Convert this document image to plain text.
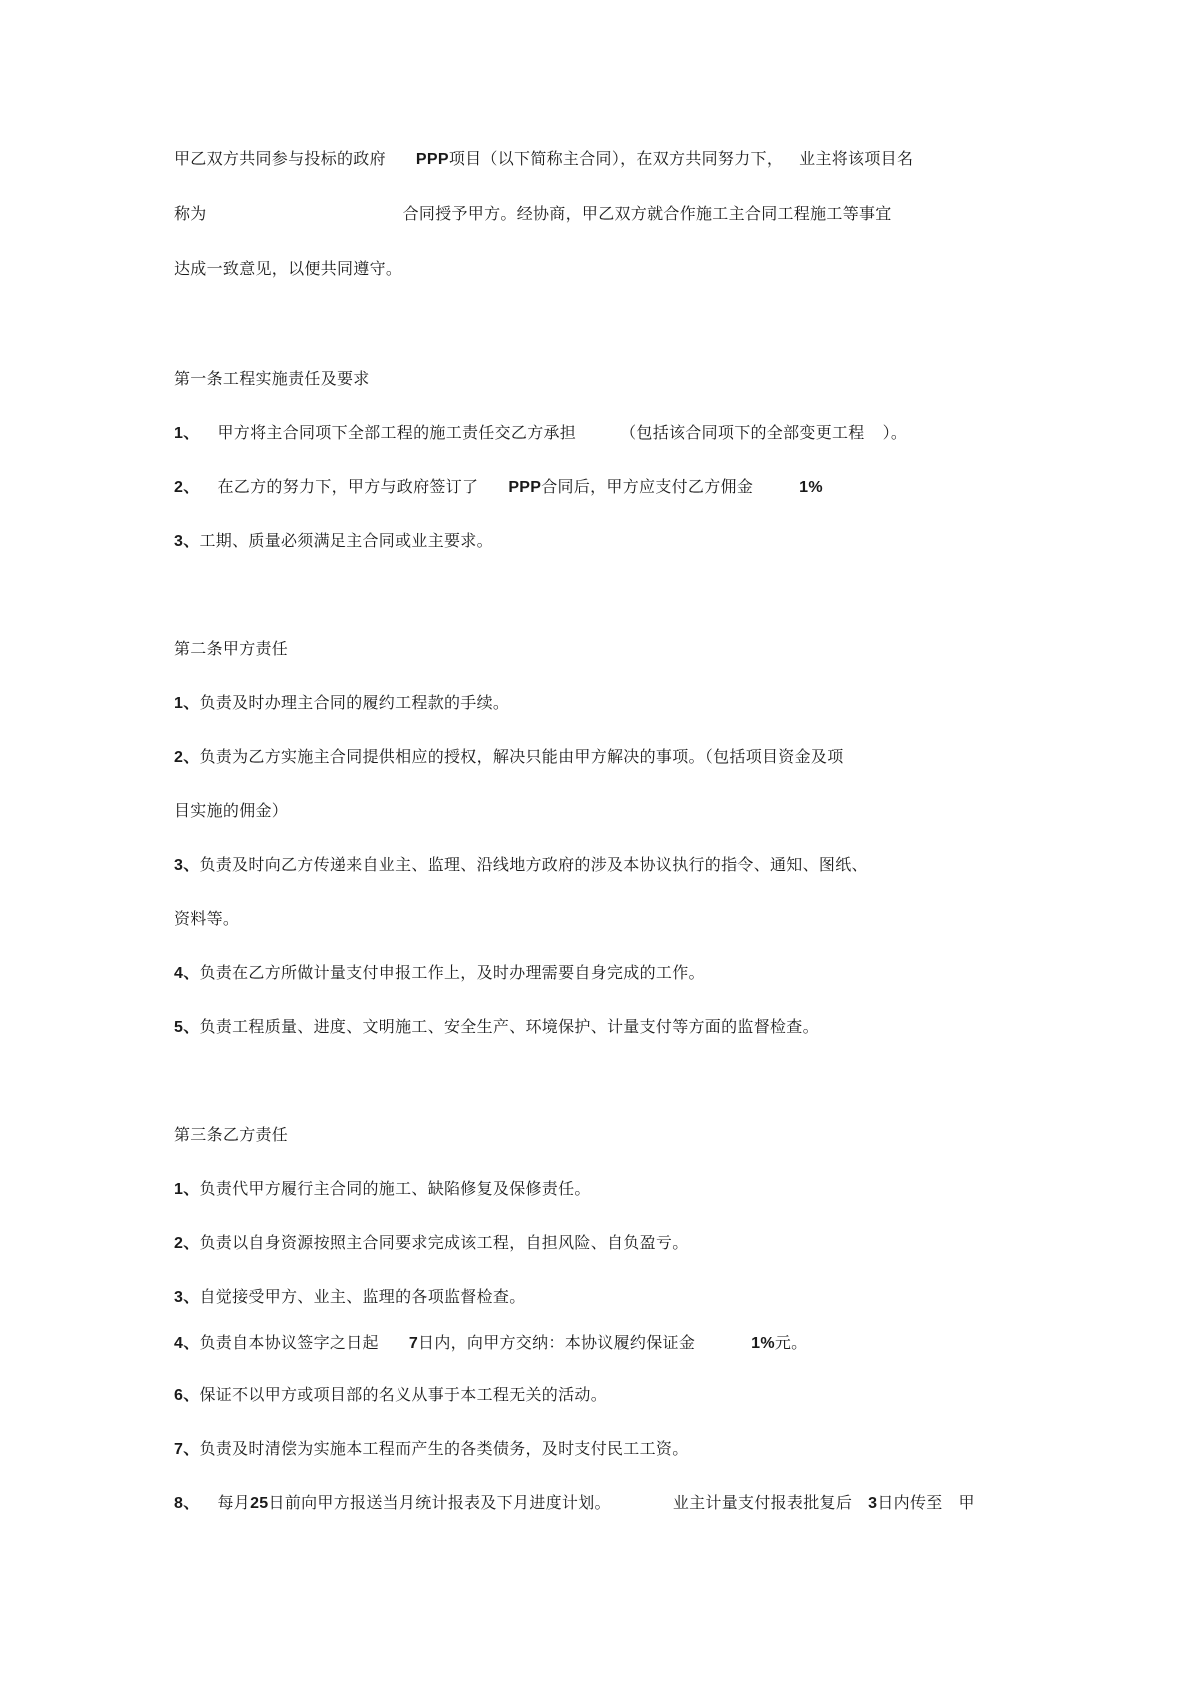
甲乙双方共同参与投标的政府 PPP项目（以下简称主合同），在双方共同努力下， 业主将该项目名
称为	合同授予甲方。经协商，甲乙双方就合作施工主合同工程施工等事宜
达成一致意见，以便共同遵守。
第一条工程实施责任及要求
1、 甲方将主合同项下全部工程的施工责任交乙方承担	（包括该合同项下的全部变更工程 ）。
2、 在乙方的努力下，甲方与政府签订了 PPP合同后，甲方应支付乙方佣金	1%
3、工期、质量必须满足主合同或业主要求。
第二条甲方责任
1、负责及时办理主合同的履约工程款的手续。
2、负责为乙方实施主合同提供相应的授权，解决只能由甲方解决的事项。（包括项目资金及项
目实施的佣金）
3、负责及时向乙方传递来自业主、监理、沿线地方政府的涉及本协议执行的指令、通知、图纸、
资料等。
4、负责在乙方所做计量支付申报工作上，及时办理需要自身完成的工作。
5、负责工程质量、进度、文明施工、安全生产、环境保护、计量支付等方面的监督检查。
第三条乙方责任
1、负责代甲方履行主合同的施工、缺陷修复及保修责任。
2、负责以自身资源按照主合同要求完成该工程，自担风险、自负盈亏。
3、自觉接受甲方、业主、监理的各项监督检查。
4、负责自本协议签字之日起 7日内，向甲方交纳：本协议履约保证金	1%元。
6、保证不以甲方或项目部的名义从事于本工程无关的活动。
7、负责及时清偿为实施本工程而产生的各类债务，及时支付民工工资。
8、 每月25日前向甲方报送当月统计报表及下月进度计划。	业主计量支付报表批复后 3日内传至 甲
